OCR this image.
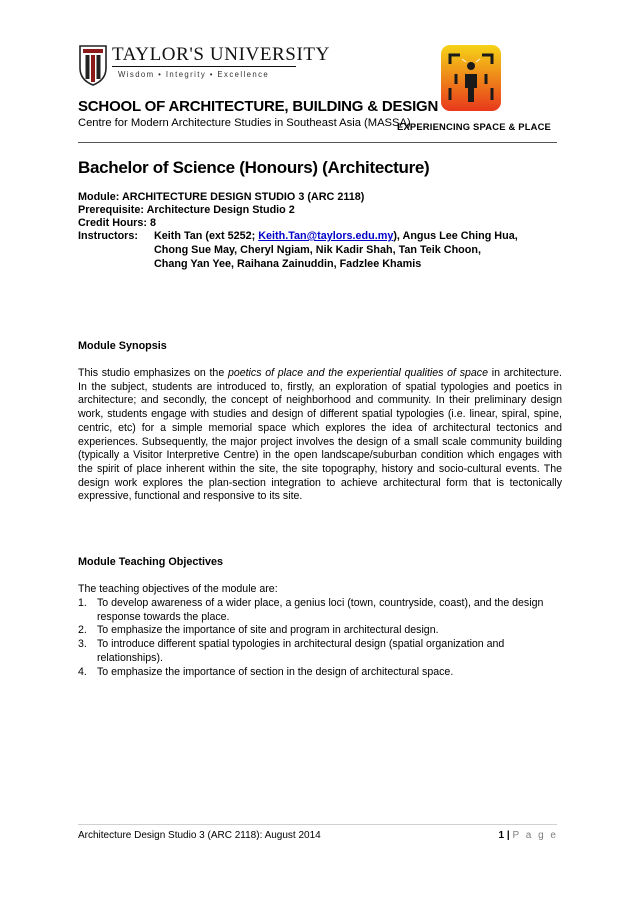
TAYLOR'S UNIVERSITY
Wisdom • Integrity • Excellence
SCHOOL OF ARCHITECTURE, BUILDING & DESIGN
Centre for Modern Architecture Studies in Southeast Asia (MASSA)
EXPERIENCING SPACE & PLACE
Bachelor of Science (Honours) (Architecture)
Module: ARCHITECTURE DESIGN STUDIO 3 (ARC 2118)
Prerequisite: Architecture Design Studio 2
Credit Hours: 8
Instructors: Keith Tan (ext 5252; Keith.Tan@taylors.edu.my), Angus Lee Ching Hua,
Chong Sue May, Cheryl Ngiam, Nik Kadir Shah, Tan Teik Choon,
Chang Yan Yee, Raihana Zainuddin, Fadzlee Khamis
Module Synopsis
This studio emphasizes on the poetics of place and the experiential qualities of space in architecture. In the subject, students are introduced to, firstly, an exploration of spatial typologies and poetics in architecture; and secondly, the concept of neighborhood and community. In their preliminary design work, students engage with studies and design of different spatial typologies (i.e. linear, spiral, spine, centric, etc) for a simple memorial space which explores the idea of architectural tectonics and experiences. Subsequently, the major project involves the design of a small scale community building (typically a Visitor Interpretive Centre) in the open landscape/suburban condition which engages with the spirit of place inherent within the site, the site topography, history and socio-cultural events. The design work explores the plan-section integration to achieve architectural form that is tectonically expressive, functional and responsive to its site.
Module Teaching Objectives
The teaching objectives of the module are:
1. To develop awareness of a wider place, a genius loci (town, countryside, coast), and the design response towards the place.
2. To emphasize the importance of site and program in architectural design.
3. To introduce different spatial typologies in architectural design (spatial organization and relationships).
4. To emphasize the importance of section in the design of architectural space.
Architecture Design Studio 3 (ARC 2118): August 2014	1 | P a g e
